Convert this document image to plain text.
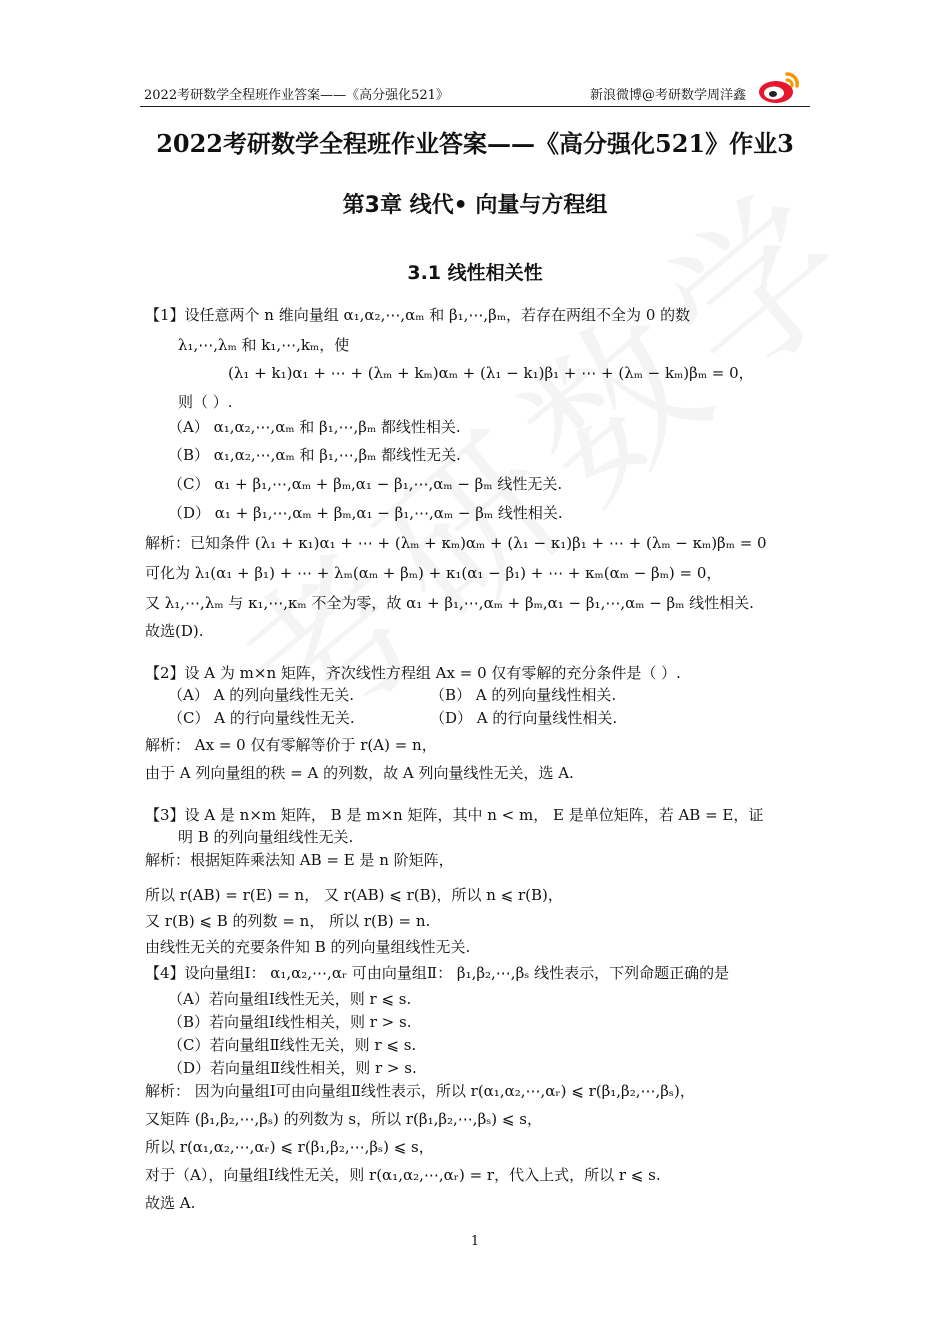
2022考研数学全程班作业答案——《高分强化521》	新浪微博@考研数学周洋鑫
2022考研数学全程班作业答案——《高分强化521》作业3
第3章 线代• 向量与方程组
3.1 线性相关性
【1】设任意两个 n 维向量组 α₁,α₂,⋯,αₘ 和 β₁,⋯,βₘ，若存在两组不全为 0 的数
λ₁,⋯,λₘ 和 k₁,⋯,kₘ，使
(λ₁ + k₁)α₁ + ⋯ + (λₘ + kₘ)αₘ + (λ₁ − k₁)β₁ + ⋯ + (λₘ − kₘ)βₘ = 0，
则（ ）.
（A） α₁,α₂,⋯,αₘ 和 β₁,⋯,βₘ 都线性相关.
（B） α₁,α₂,⋯,αₘ 和 β₁,⋯,βₘ 都线性无关.
（C） α₁ + β₁,⋯,αₘ + βₘ,α₁ − β₁,⋯,αₘ − βₘ 线性无关.
（D） α₁ + β₁,⋯,αₘ + βₘ,α₁ − β₁,⋯,αₘ − βₘ 线性相关.
解析：已知条件 (λ₁ + κ₁)α₁ + ⋯ + (λₘ + κₘ)αₘ + (λ₁ − κ₁)β₁ + ⋯ + (λₘ − κₘ)βₘ = 0
可化为 λ₁(α₁ + β₁) + ⋯ + λₘ(αₘ + βₘ) + κ₁(α₁ − β₁) + ⋯ + κₘ(αₘ − βₘ) = 0，
又 λ₁,⋯,λₘ 与 κ₁,⋯,κₘ 不全为零，故 α₁ + β₁,⋯,αₘ + βₘ,α₁ − β₁,⋯,αₘ − βₘ 线性相关.
故选(D).
【2】设 A 为 m×n 矩阵，齐次线性方程组 Ax = 0 仅有零解的充分条件是（ ）.
（A） A 的列向量线性无关.	（B） A 的列向量线性相关.
（C） A 的行向量线性无关.	（D） A 的行向量线性相关.
解析： Ax = 0 仅有零解等价于 r(A) = n，
由于 A 列向量组的秩 = A 的列数，故 A 列向量线性无关，选 A.
【3】设 A 是 n×m 矩阵， B 是 m×n 矩阵，其中 n < m， E 是单位矩阵，若 AB = E，证
明 B 的列向量组线性无关.
解析：根据矩阵乘法知 AB = E 是 n 阶矩阵，
所以 r(AB) = r(E) = n， 又 r(AB) ⩽ r(B)，所以 n ⩽ r(B)，
又 r(B) ⩽ B 的列数 = n， 所以 r(B) = n.
由线性无关的充要条件知 B 的列向量组线性无关.
【4】设向量组Ⅰ： α₁,α₂,⋯,αᵣ 可由向量组Ⅱ： β₁,β₂,⋯,βₛ 线性表示，下列命题正确的是
（A）若向量组Ⅰ线性无关，则 r ⩽ s.
（B）若向量组Ⅰ线性相关，则 r > s.
（C）若向量组Ⅱ线性无关，则 r ⩽ s.
（D）若向量组Ⅱ线性相关，则 r > s.
解析： 因为向量组Ⅰ可由向量组Ⅱ线性表示，所以 r(α₁,α₂,⋯,αᵣ) ⩽ r(β₁,β₂,⋯,βₛ)，
又矩阵 (β₁,β₂,⋯,βₛ) 的列数为 s，所以 r(β₁,β₂,⋯,βₛ) ⩽ s，
所以 r(α₁,α₂,⋯,αᵣ) ⩽ r(β₁,β₂,⋯,βₛ) ⩽ s，
对于（A），向量组Ⅰ线性无关，则 r(α₁,α₂,⋯,αᵣ) = r，代入上式，所以 r ⩽ s.
故选 A.
1
